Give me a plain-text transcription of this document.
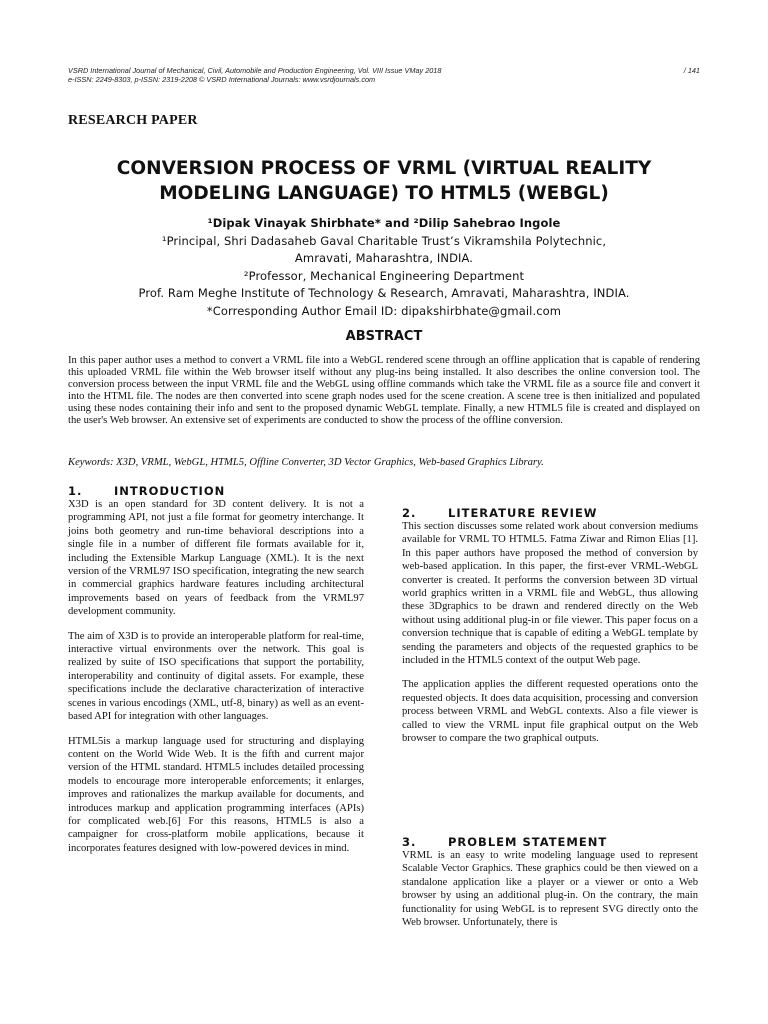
VSRD International Journal of Mechanical, Civil, Automobile and Production Engineering, Vol. VIII Issue VMay 2018
e-ISSN: 2249-8303, p-ISSN: 2319-2208 © VSRD International Journals: www.vsrdjournals.com
/ 141
RESEARCH PAPER
CONVERSION PROCESS OF VRML (VIRTUAL REALITY MODELING LANGUAGE) TO HTML5 (WEBGL)
¹Dipak Vinayak Shirbhate* and ²Dilip Sahebrao Ingole
¹Principal, Shri Dadasaheb Gaval Charitable Trust’s Vikramshila Polytechnic,
Amravati, Maharashtra, INDIA.
²Professor, Mechanical Engineering Department
Prof. Ram Meghe Institute of Technology & Research, Amravati, Maharashtra, INDIA.
*Corresponding Author Email ID: dipakshirbhate@gmail.com
ABSTRACT

In this paper author uses a method to convert a VRML file into a WebGL rendered scene through an offline application that is capable of rendering this uploaded VRML file within the Web browser itself without any plug-ins being installed. It also describes the online conversion tool. The conversion process between the input VRML file and the WebGL using offline commands which take the VRML file as a source file and convert it into the HTML file. The nodes are then converted into scene graph nodes used for the scene creation. A scene tree is then initialized and populated using these nodes containing their info and sent to the proposed dynamic WebGL template. Finally, a new HTML5 file is created and displayed on the user's Web browser. An extensive set of experiments are conducted to show the process of the offline conversion.

Keywords: X3D, VRML, WebGL, HTML5, Offline Converter, 3D Vector Graphics, Web-based Graphics Library.

1.	INTRODUCTION

X3D is an open standard for 3D content delivery. It is not a programming API, not just a file format for geometry interchange. It joins both geometry and run-time behavioral descriptions into a single file in a number of different file formats available for it, including the Extensible Markup Language (XML). It is the next version of the VRML97 ISO specification, integrating the new search in commercial graphics hardware features including architectural improvements based on years of feedback from the VRML97 development community.

The aim of X3D is to provide an interoperable platform for real-time, interactive virtual environments over the network. This goal is realized by suite of ISO specifications that support the portability, interoperability and continuity of digital assets. For example, these specifications include the declarative characterization of interactive scenes in various encodings (XML, utf-8, binary) as well as an event-based API for integration with other languages.

HTML5is a markup language used for structuring and displaying content on the World Wide Web. It is the fifth and current major version of the HTML standard. HTML5 includes detailed processing models to encourage more interoperable enforcements; it enlarges, improves and rationalizes the markup available for documents, and introduces markup and application programming interfaces (APIs) for complicated web.[6] For this reasons, HTML5 is also a campaigner for cross-platform mobile applications, because it incorporates features designed with low-powered devices in mind.

2.	LITERATURE REVIEW

This section discusses some related work about conversion mediums available for VRML TO HTML5. Fatma Ziwar and Rimon Elias [1]. In this paper authors have proposed the method of conversion by web-based application. In this paper, the first-ever VRML-WebGL converter is created. It performs the conversion between 3D virtual world graphics written in a VRML file and WebGL, thus allowing these 3Dgraphics to be drawn and rendered directly on the Web without using additional plug-in or file viewer. This paper focus on a conversion technique that is capable of editing a WebGL template by sending the parameters and objects of the requested graphics to be included in the HTML5 context of the output Web page.

The application applies the different requested operations onto the requested objects. It does data acquisition, processing and conversion process between VRML and WebGL contexts. Also a file viewer is called to view the VRML input file graphical output on the Web browser to compare the two graphical outputs.

3.	PROBLEM STATEMENT

VRML is an easy to write modeling language used to represent Scalable Vector Graphics. These graphics could be then viewed on a standalone application like a player or a viewer or onto a Web browser by using an additional plug-in. On the contrary, the main functionality for using WebGL is to represent SVG directly onto the Web browser. Unfortunately, there is
